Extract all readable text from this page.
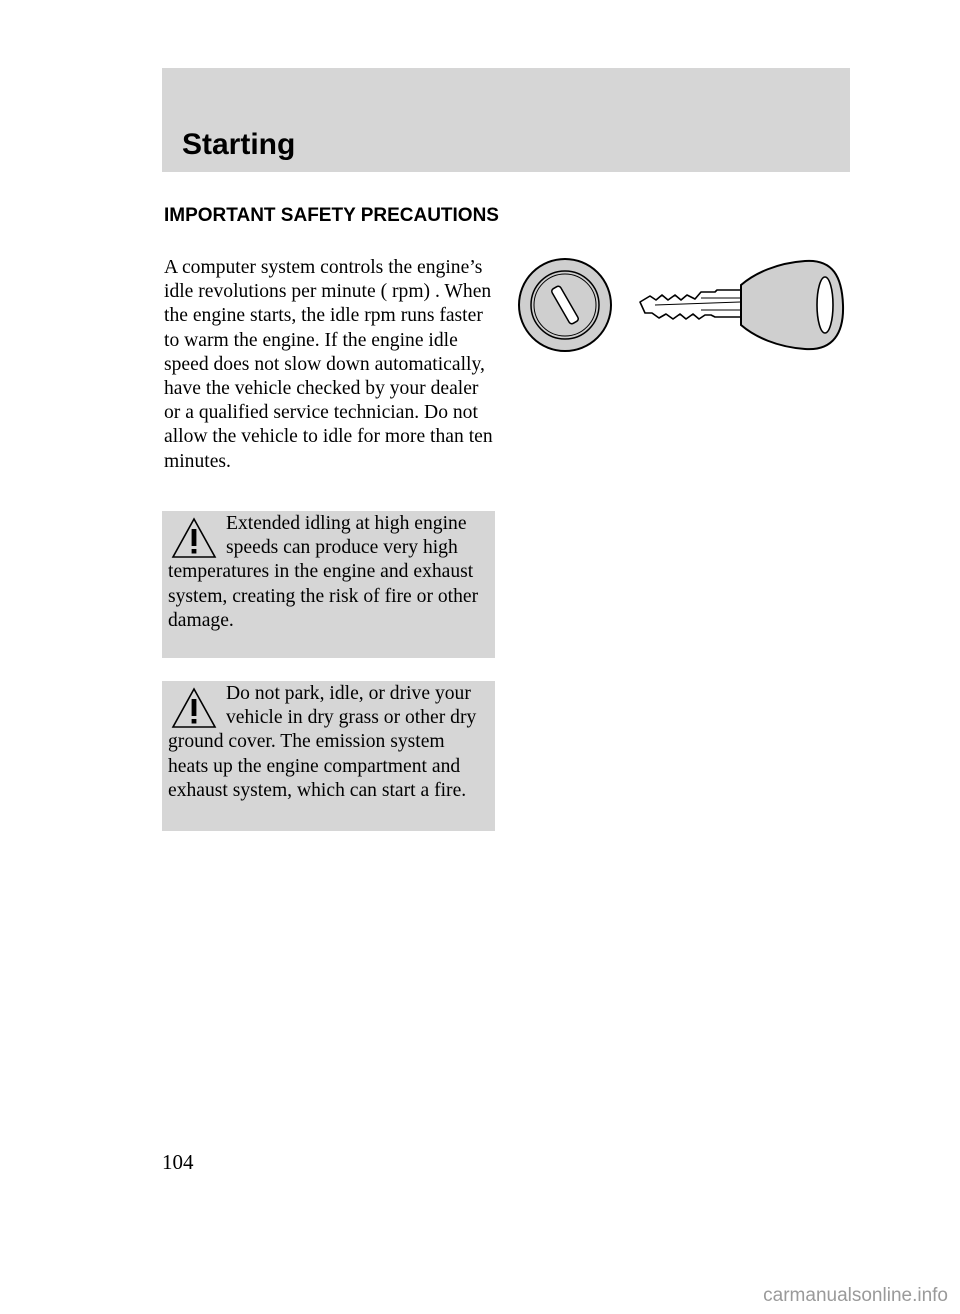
Starting
IMPORTANT SAFETY PRECAUTIONS

A computer system controls the engine’s idle revolutions per minute ( rpm) . When the engine starts, the idle rpm runs faster to warm the engine. If the engine idle speed does not slow down automatically, have the vehicle checked by your dealer or a qualified service technician. Do not allow the vehicle to idle for more than ten minutes.

Extended idling at high engine speeds can produce very high temperatures in the engine and exhaust system, creating the risk of fire or other damage.

Do not park, idle, or drive your vehicle in dry grass or other dry ground cover. The emission system heats up the engine compartment and exhaust system, which can start a fire.

104

carmanualsonline.info
